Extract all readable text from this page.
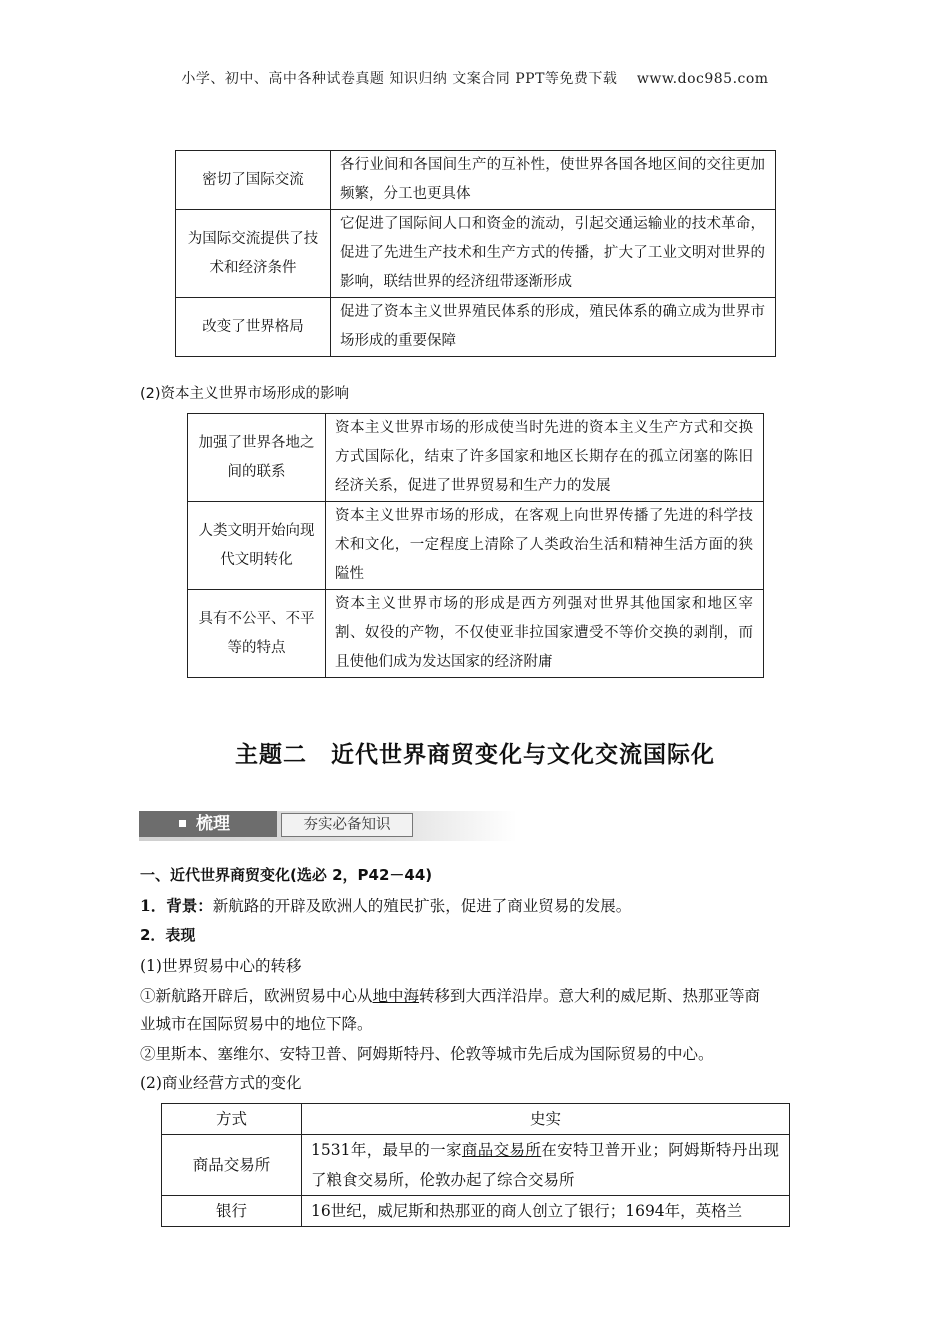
小学、初中、高中各种试卷真题 知识归纳 文案合同 PPT等免费下载　 www.doc985.com
密切了国际交流	各行业间和各国间生产的互补性，使世界各国各地区间的交往更加频繁，分工也更具体
为国际交流提供了技术和经济条件	它促进了国际间人口和资金的流动，引起交通运输业的技术革命，促进了先进生产技术和生产方式的传播，扩大了工业文明对世界的影响，联结世界的经济纽带逐渐形成
改变了世界格局	促进了资本主义世界殖民体系的形成，殖民体系的确立成为世界市场形成的重要保障
(2)资本主义世界市场形成的影响
加强了世界各地之间的联系	资本主义世界市场的形成使当时先进的资本主义生产方式和交换方式国际化，结束了许多国家和地区长期存在的孤立闭塞的陈旧经济关系，促进了世界贸易和生产力的发展
人类文明开始向现代文明转化	资本主义世界市场的形成，在客观上向世界传播了先进的科学技术和文化，一定程度上清除了人类政治生活和精神生活方面的狭隘性
具有不公平、不平等的特点	资本主义世界市场的形成是西方列强对世界其他国家和地区宰割、奴役的产物，不仅使亚非拉国家遭受不等价交换的剥削，而且使他们成为发达国家的经济附庸
主题二 近代世界商贸变化与文化交流国际化
梳理	夯实必备知识
一、近代世界商贸变化(选必 2，P42－44)
1．背景：新航路的开辟及欧洲人的殖民扩张，促进了商业贸易的发展。
2．表现
(1)世界贸易中心的转移
①新航路开辟后，欧洲贸易中心从地中海转移到大西洋沿岸。意大利的威尼斯、热那亚等商
业城市在国际贸易中的地位下降。
②里斯本、塞维尔、安特卫普、阿姆斯特丹、伦敦等城市先后成为国际贸易的中心。
(2)商业经营方式的变化
方式	史实
商品交易所	1531年，最早的一家商品交易所在安特卫普开业；阿姆斯特丹出现了粮食交易所，伦敦办起了综合交易所
银行	16世纪，威尼斯和热那亚的商人创立了银行；1694年，英格兰
